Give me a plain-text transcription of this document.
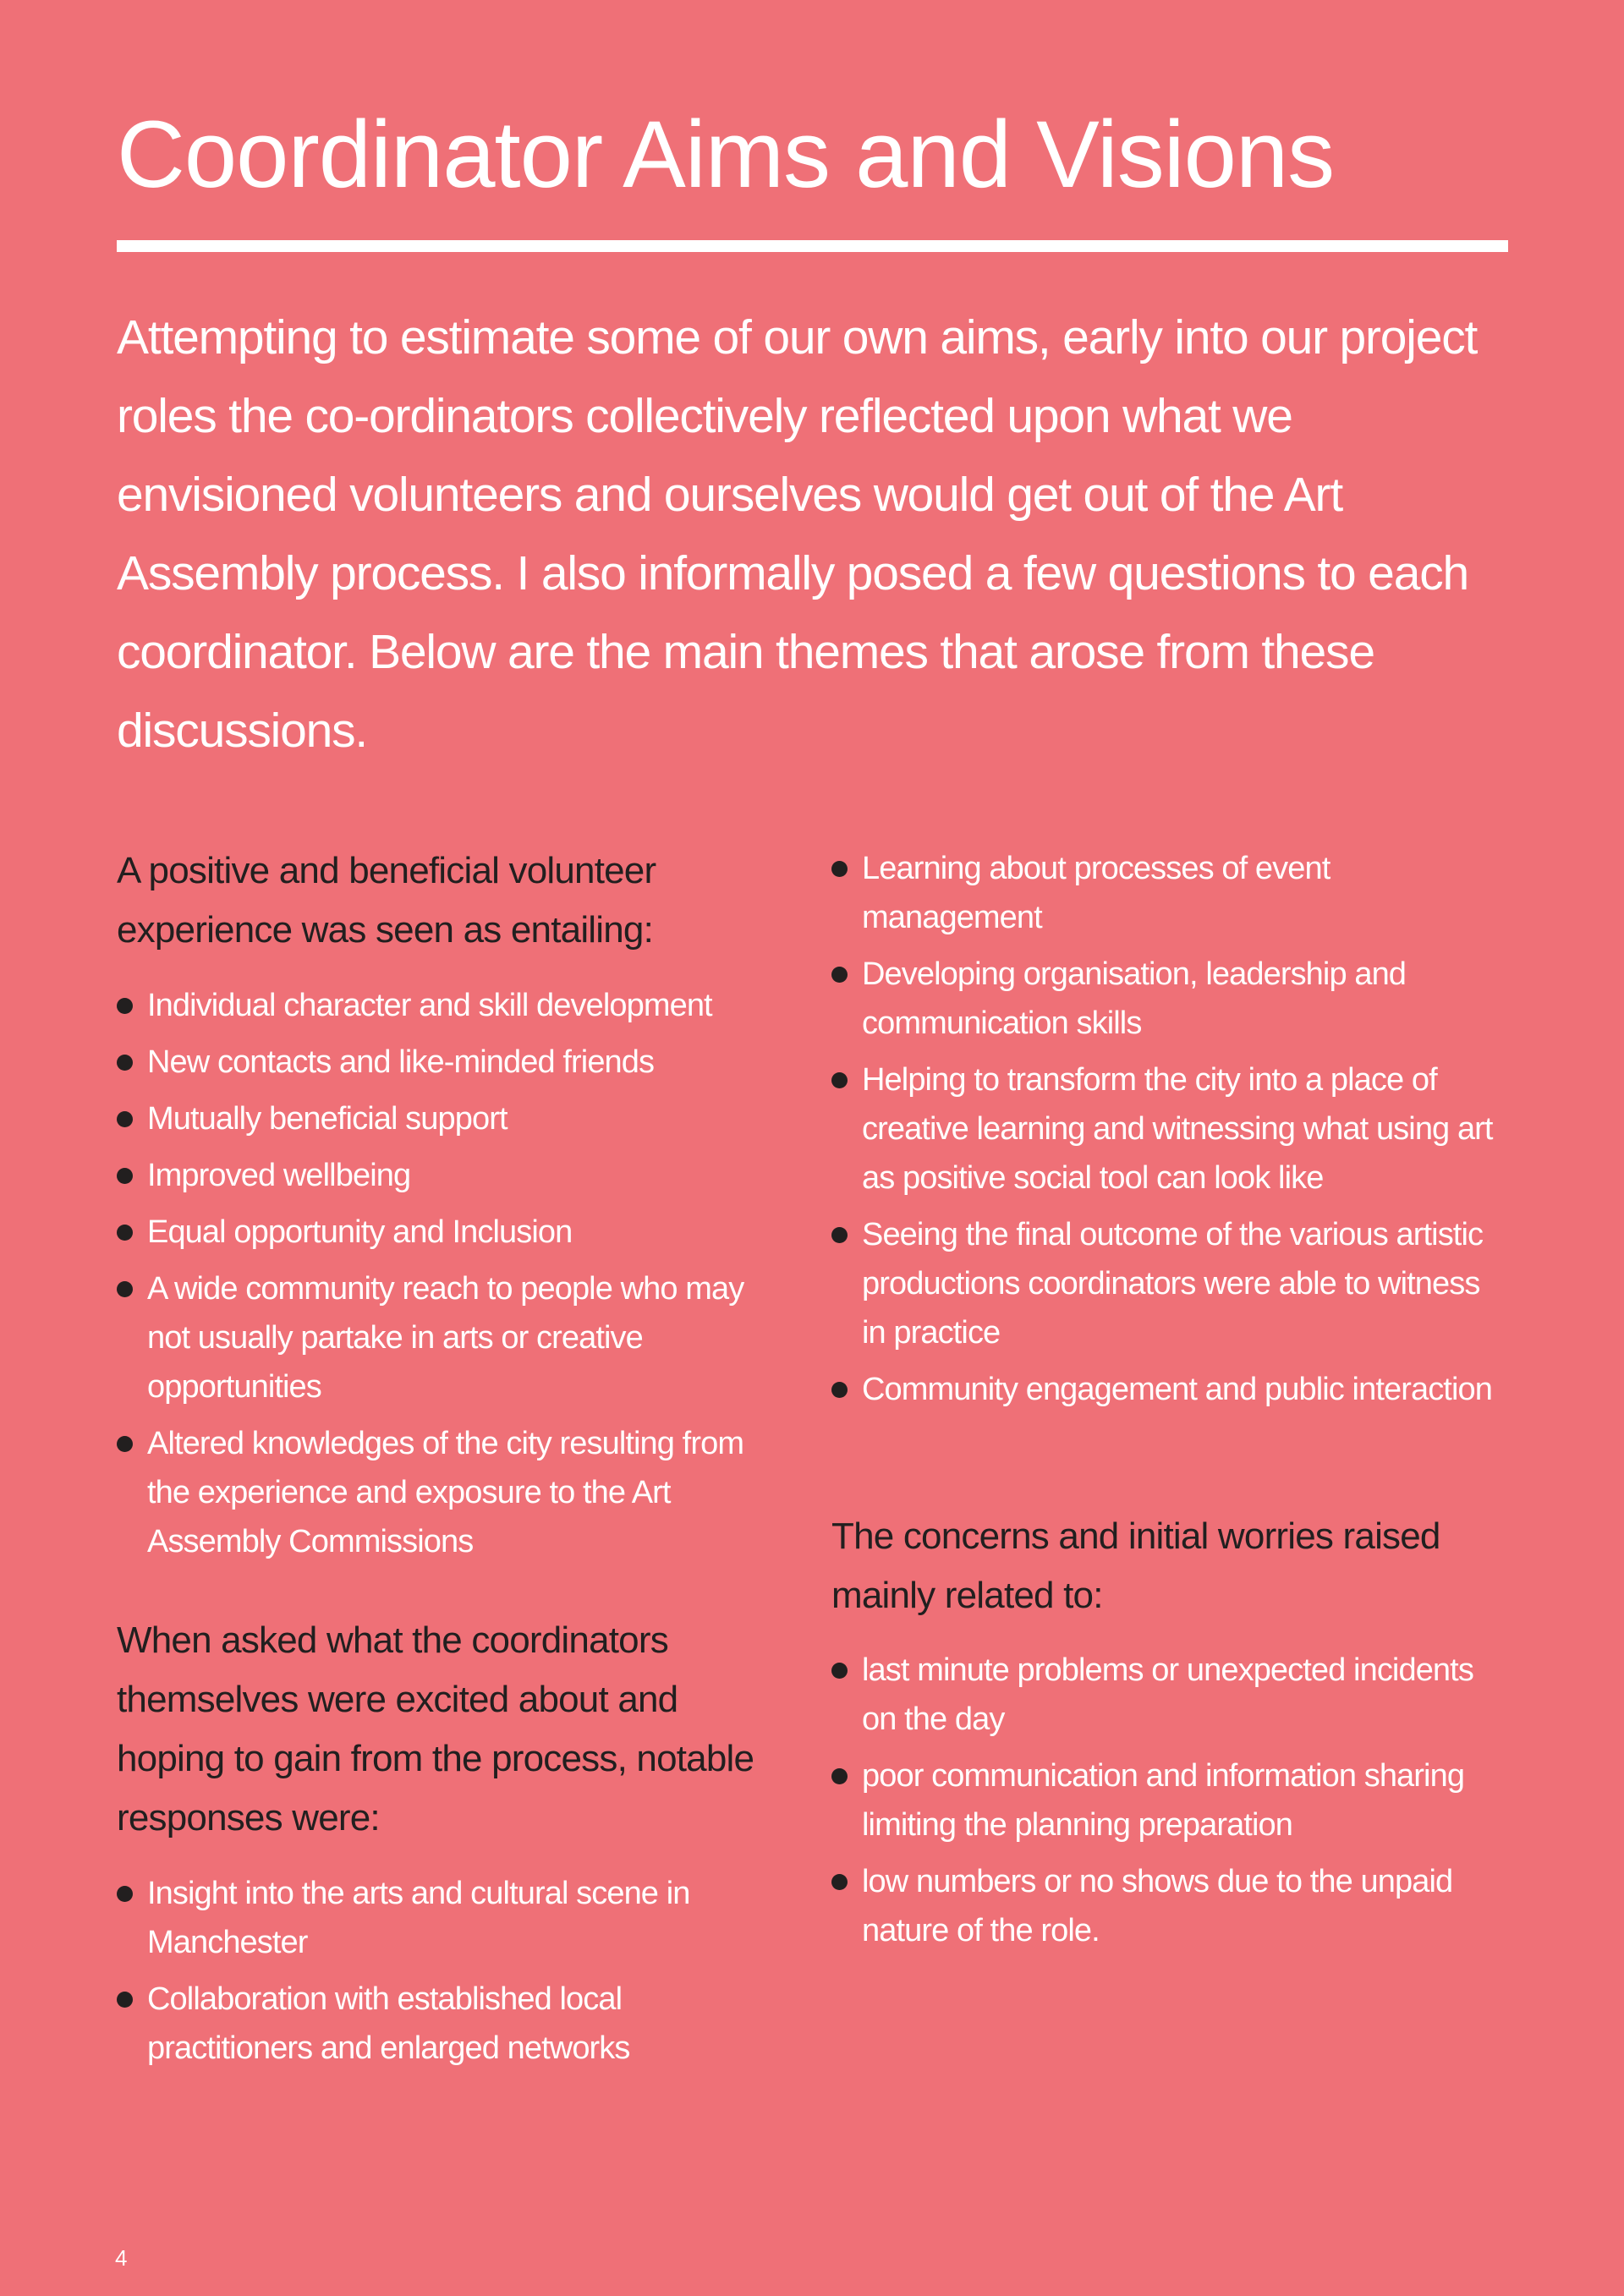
Coordinator Aims and Visions

Attempting to estimate some of our own aims, early into our project roles the co-ordinators collectively reflected upon what we envisioned volunteers and ourselves would get out of the Art Assembly process. I also informally posed a few questions to each coordinator. Below are the main themes that arose from these discussions.

A positive and beneficial volunteer experience was seen as entailing:
Individual character and skill development
New contacts and like-minded friends
Mutually beneficial support
Improved wellbeing
Equal opportunity and Inclusion
A wide community reach to people who may not usually partake in arts or creative opportunities
Altered knowledges of the city resulting from the experience and exposure to the Art Assembly Commissions
When asked what the coordinators themselves were excited about and hoping to gain from the process, notable responses were:
Insight into the arts and cultural scene in Manchester
Collaboration with established local practitioners and enlarged networks
Learning about processes of event management
Developing organisation, leadership and communication skills
Helping to transform the city into a place of creative learning and witnessing what using art as positive social tool can look like
Seeing the final outcome of the various artistic productions coordinators were able to witness in practice
Community engagement and public interaction
The concerns and initial worries raised mainly related to:
last minute problems or unexpected incidents on the day
poor communication and information sharing limiting the planning preparation
low numbers or no shows due to the unpaid nature of the role.
4
